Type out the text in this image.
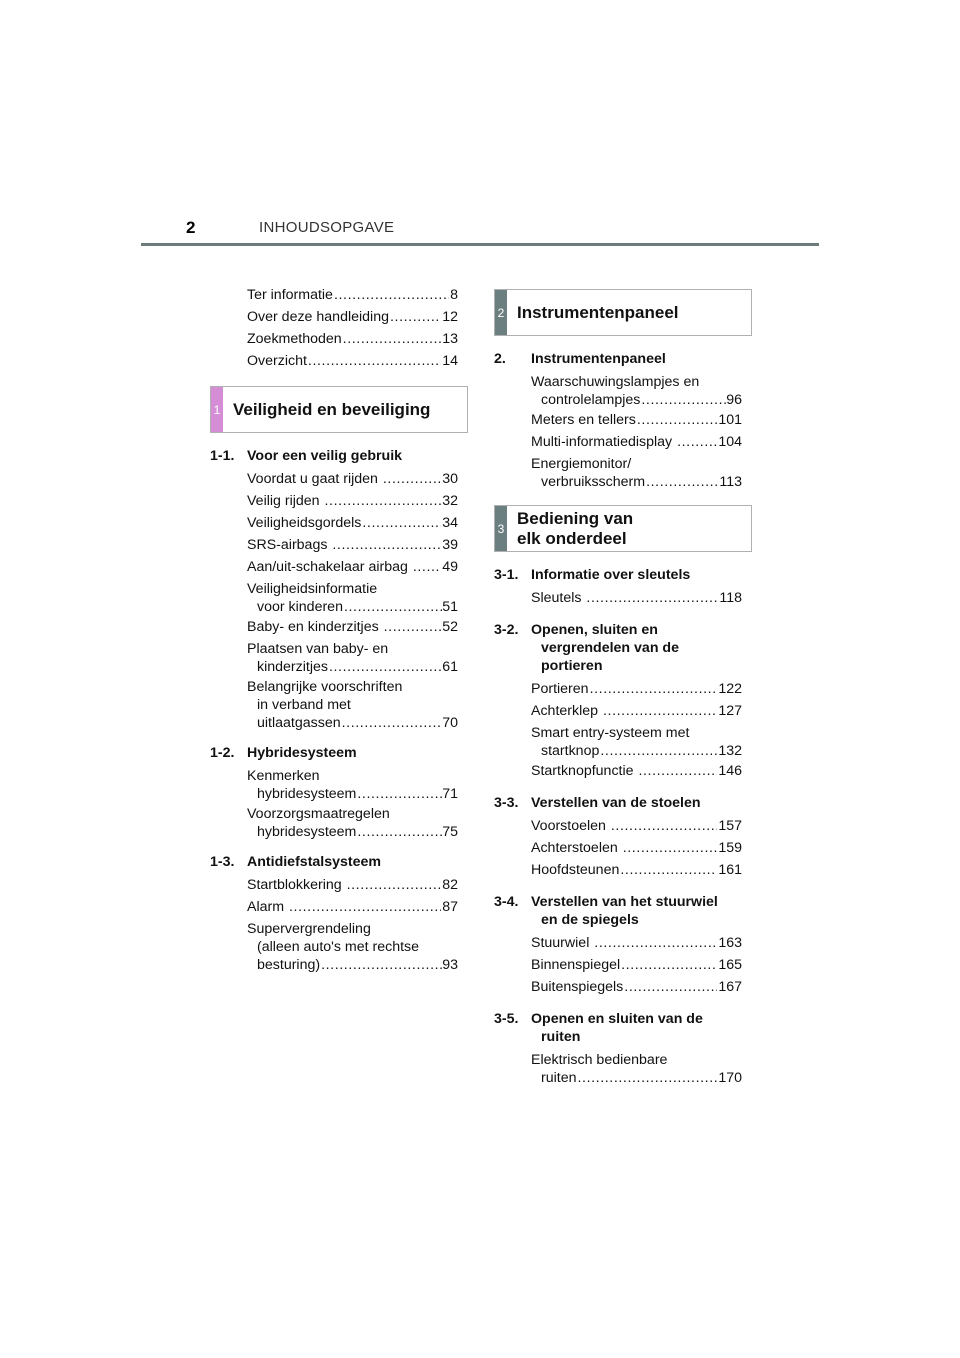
2	INHOUDSOPGAVE
Ter informatie .....	8
Over deze handleiding .....	12
Zoekmethoden .....	13
Overzicht .....	14
1 Veiligheid en beveiliging
1-1. Voor een veilig gebruik
Voordat u gaat rijden .....	30
Veilig rijden .....	32
Veiligheidsgordels .....	34
SRS-airbags .....	39
Aan/uit-schakelaar airbag ..... 49
Veiligheidsinformatie
voor kinderen .....	51
Baby- en kinderzitjes .....	52
Plaatsen van baby- en
kinderzitjes .....	61
Belangrijke voorschriften
in verband met
uitlaatgassen .....	70
1-2. Hybridesysteem
Kenmerken
hybridesysteem .....	71
Voorzorgsmaatregelen
hybridesysteem .....	75
1-3. Antidiefstalsysteem
Startblokkering .....	82
Alarm .....	87
Supervergrendeling
(alleen auto's met rechtse
besturing) .....	93
2 Instrumentenpaneel
2.	Instrumentenpaneel
Waarschuwingslampjes en
controlelampjes .....	96
Meters en tellers .....	101
Multi-informatiedisplay .....	104
Energiemonitor/
verbruiksscherm .....	113
3
Bediening van
elk onderdeel
3-1. Informatie over sleutels
Sleutels .....	118
3-2. Openen, sluiten en
vergrendelen van de
portieren
Portieren .....	122
Achterklep .....	127
Smart entry-systeem met
startknop .....	132
Startknopfunctie .....	146
3-3. Verstellen van de stoelen
Voorstoelen .....	157
Achterstoelen .....	159
Hoofdsteunen .....	161
3-4. Verstellen van het stuurwiel
en de spiegels
Stuurwiel .....	163
Binnenspiegel .....	165
Buitenspiegels .....	167
3-5. Openen en sluiten van de
ruiten
Elektrisch bedienbare
ruiten .....	170
